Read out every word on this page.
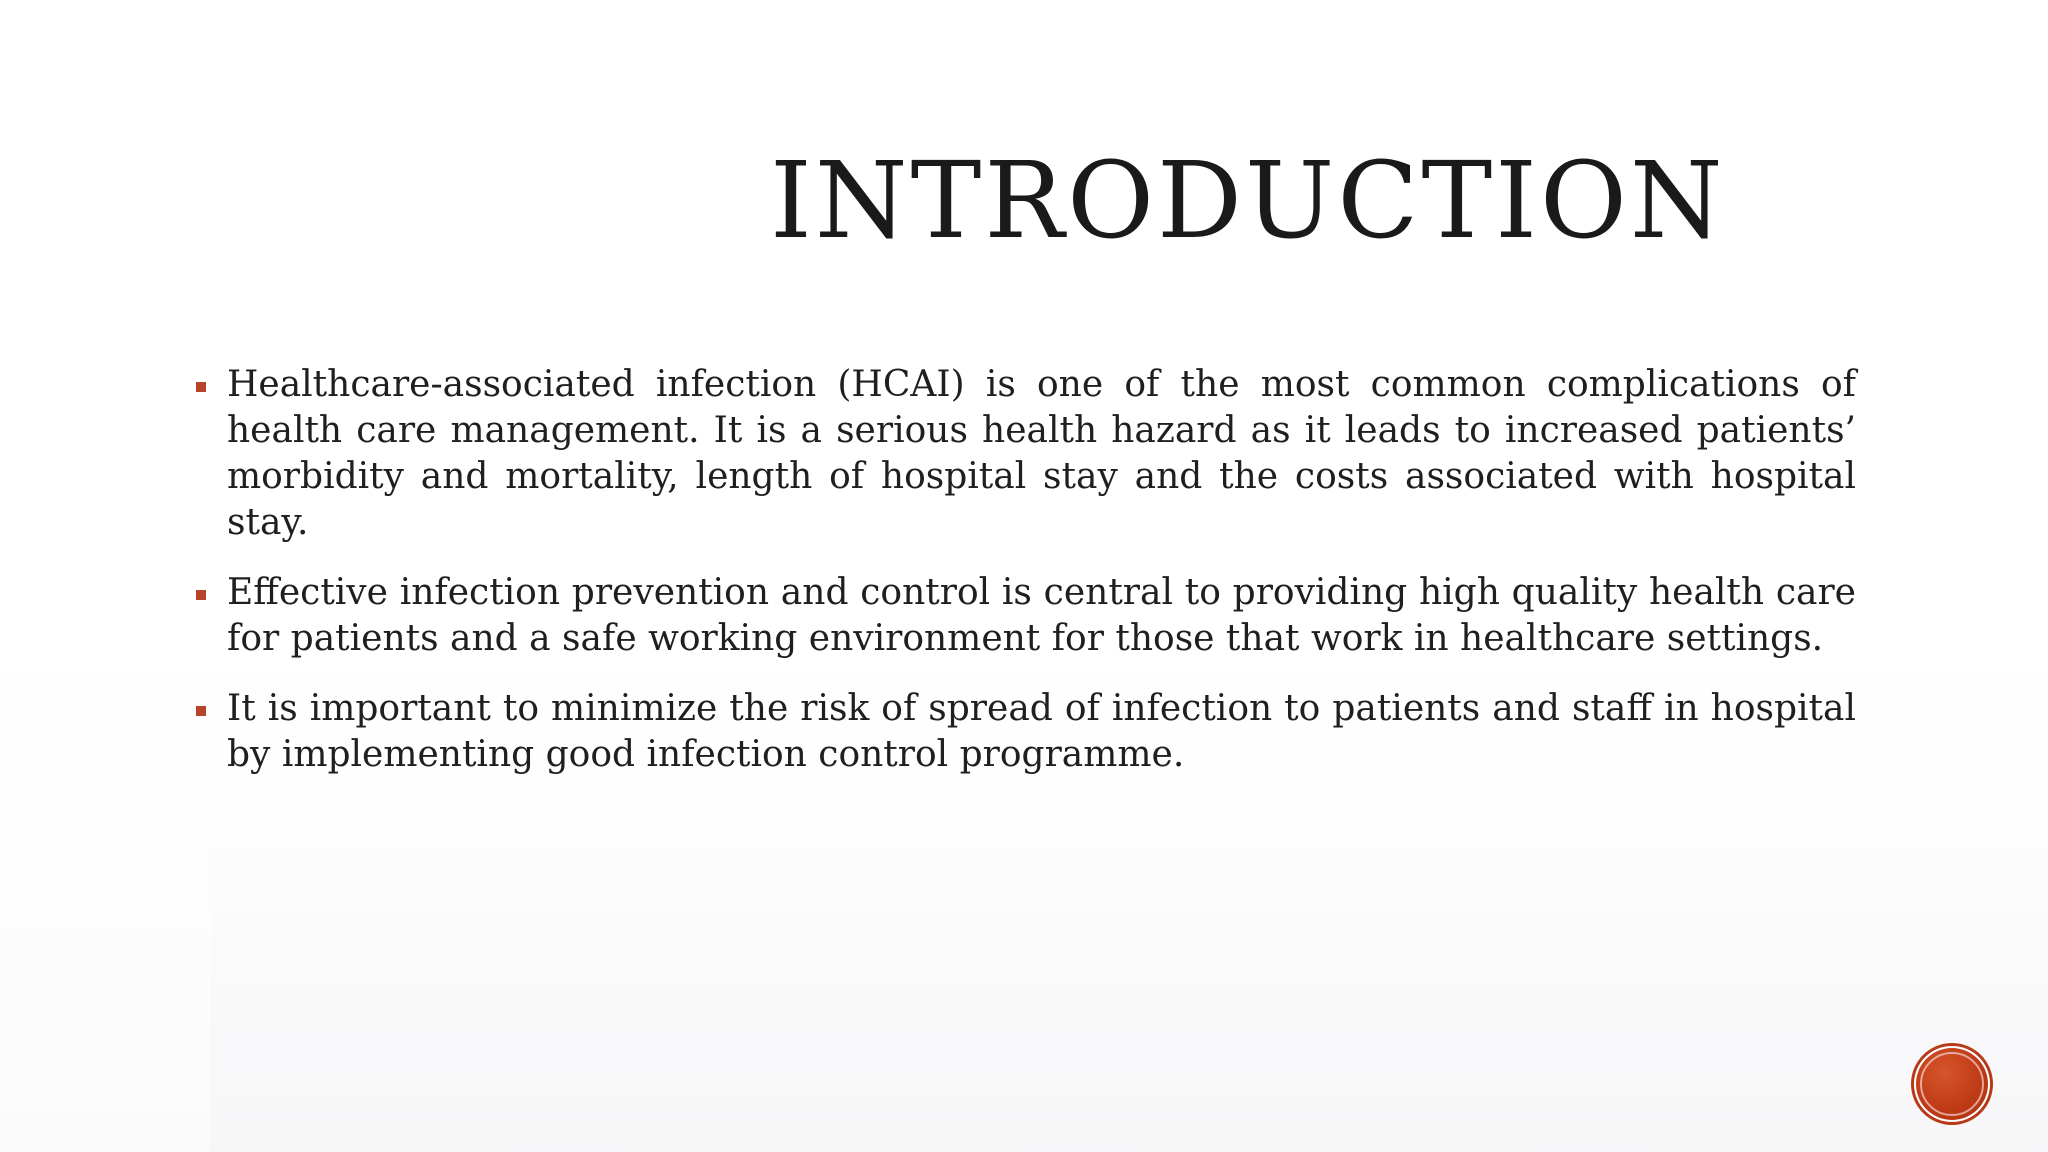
INTRODUCTION
Healthcare-associated infection (HCAI) is one of the most common complications of health care management. It is a serious health hazard as it leads to increased patients’ morbidity and mortality, length of hospital stay and the costs associated with hospital stay.
Effective infection prevention and control is central to providing high quality health care for patients and a safe working environment for those that work in healthcare settings.
It is important to minimize the risk of spread of infection to patients and staff in hospital by implementing good infection control programme.
